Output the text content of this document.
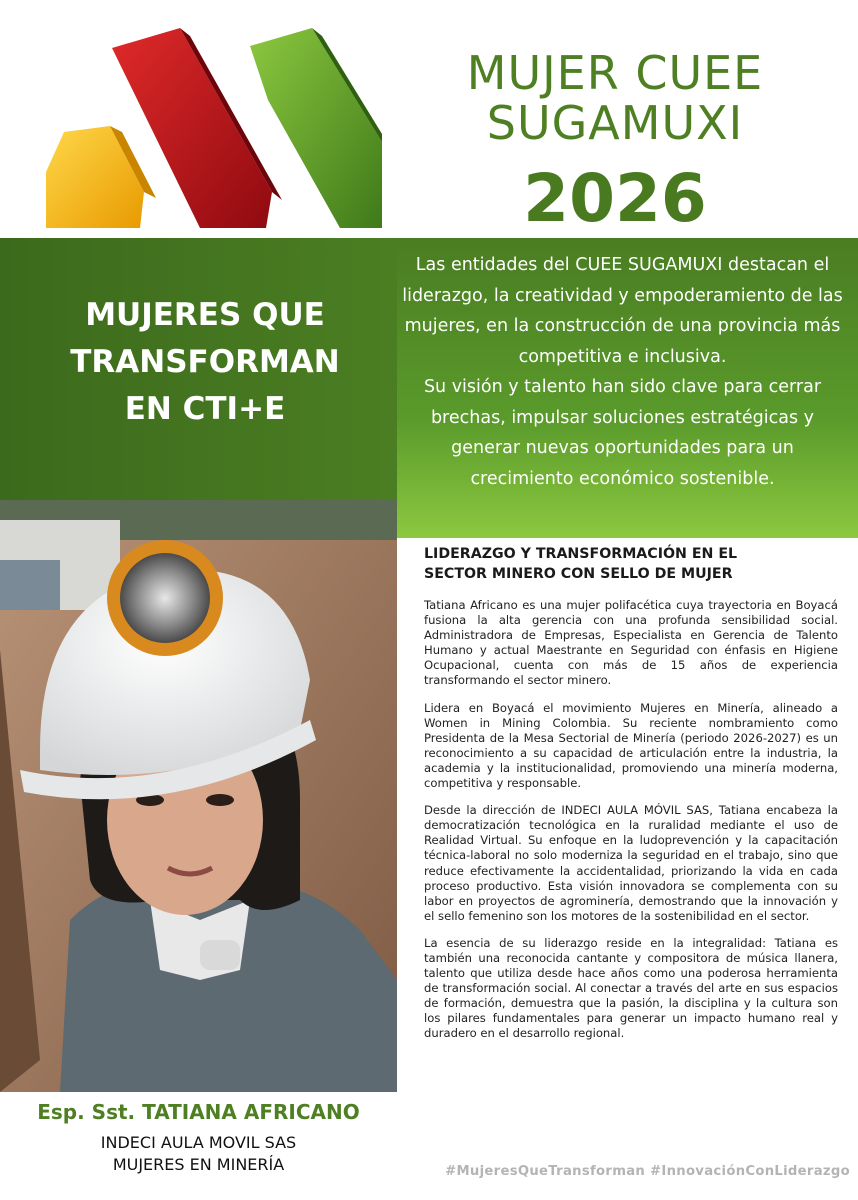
MUJER CUEE
SUGAMUXI
2026
MUJERES QUE
TRANSFORMAN
EN CTI+E

Las entidades del CUEE SUGAMUXI destacan el liderazgo, la creatividad y empoderamiento de las mujeres, en la construcción de una provincia más competitiva e inclusiva.

Su visión y talento han sido clave para cerrar brechas, impulsar soluciones estratégicas y generar nuevas oportunidades para un crecimiento económico sostenible.

Esp. Sst. TATIANA AFRICANO
INDECI AULA MOVIL SAS
MUJERES EN MINERÍA
LIDERAZGO Y TRANSFORMACIÓN EN EL
SECTOR MINERO CON SELLO DE MUJER

Tatiana Africano es una mujer polifacética cuya trayectoria en Boyacá fusiona la alta gerencia con una profunda sensibilidad social. Administradora de Empresas, Especialista en Gerencia de Talento Humano y actual Maestrante en Seguridad con énfasis en Higiene Ocupacional, cuenta con más de 15 años de experiencia transformando el sector minero.

Lidera en Boyacá el movimiento Mujeres en Minería, alineado a Women in Mining Colombia. Su reciente nombramiento como Presidenta de la Mesa Sectorial de Minería (periodo 2026-2027) es un reconocimiento a su capacidad de articulación entre la industria, la academia y la institucionalidad, promoviendo una minería moderna, competitiva y responsable.

Desde la dirección de INDECI AULA MÓVIL SAS, Tatiana encabeza la democratización tecnológica en la ruralidad mediante el uso de Realidad Virtual. Su enfoque en la ludoprevención y la capacitación técnica-laboral no solo moderniza la seguridad en el trabajo, sino que reduce efectivamente la accidentalidad, priorizando la vida en cada proceso productivo. Esta visión innovadora se complementa con su labor en proyectos de agrominería, demostrando que la innovación y el sello femenino son los motores de la sostenibilidad en el sector.

La esencia de su liderazgo reside en la integralidad: Tatiana es también una reconocida cantante y compositora de música llanera, talento que utiliza desde hace años como una poderosa herramienta de transformación social. Al conectar a través del arte en sus espacios de formación, demuestra que la pasión, la disciplina y la cultura son los pilares fundamentales para generar un impacto humano real y duradero en el desarrollo regional.

#MujeresQueTransforman #InnovaciónConLiderazgo
